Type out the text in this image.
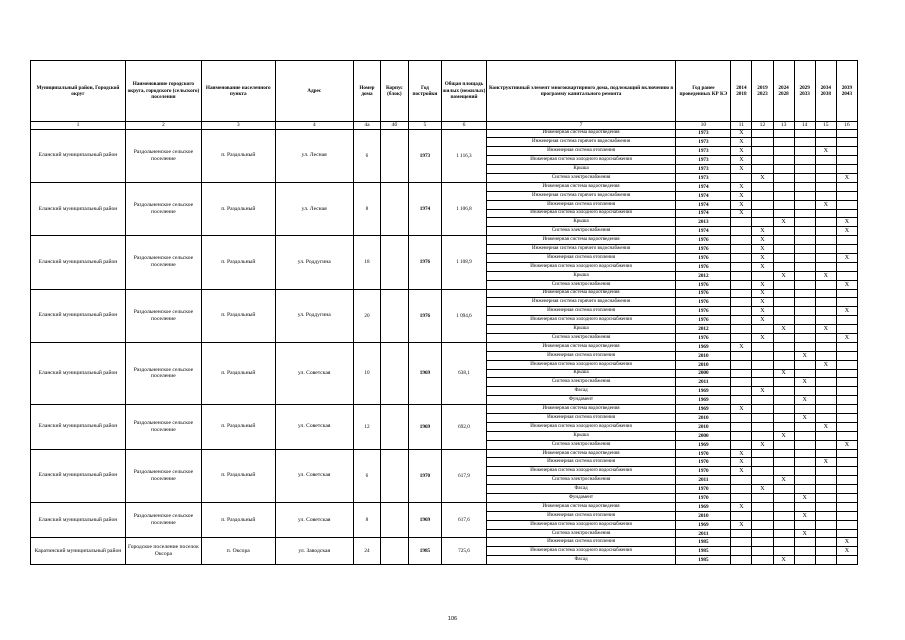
Муниципальный район, Городской округ	Наименование городского округа, городского (сельского) поселения	Наименование населенного пункта	Адрес	Номер дома	Корпус (блок)	Год постройки	Общая площадь жилых (нежилых) помещений	Конструктивный элемент многоквартирного дома, подлежащий включению в программу капитального ремонта	Год ранее проведенных КР КЭ	2014 2018	2019 2023	2024 2028	2029 2033	2034 2038	2039 2043
1	2	3	4	4а	4б	5	6	7	10	11	12	13	14	15	16
Еланский муниципальный район	Раздольненское сельское поселение	п. Раздольный	ул. Лесная	6		1973	1 116,3	Инженерная система водоотведения	1973	X					
								Инженерная система горячего водоснабжения	1973	X					
								Инженерная система отопления	1973	X				X	
								Инженерная система холодного водоснабжения	1973	X					
								Крыша	1973	X					
								Система электроснабжения	1973		X				X
Еланский муниципальный район	Раздольненское сельское поселение	п. Раздольный	ул. Лесная	8		1974	1 106,8	Инженерная система водоотведения	1974	X					
								Инженерная система горячего водоснабжения	1974	X					
								Инженерная система отопления	1974	X				X	
								Инженерная система холодного водоснабжения	1974	X					
								Крыша	2013			X			X
								Система электроснабжения	1974		X				X
Еланский муниципальный район	Раздольненское сельское поселение	п. Раздольный	ул. Роддугина	18		1976	1 108,9	Инженерная система водоотведения	1976		X				
								Инженерная система горячего водоснабжения	1976		X				
								Инженерная система отопления	1976		X				X
								Инженерная система холодного водоснабжения	1976		X				
								Крыша	2012			X		X	
								Система электроснабжения	1976		X				X
Еланский муниципальный район	Раздольненское сельское поселение	п. Раздольный	ул. Роддугина	20		1976	1 094,6	Инженерная система водоотведения	1976		X				
								Инженерная система горячего водоснабжения	1976		X				
								Инженерная система отопления	1976		X				X
								Инженерная система холодного водоснабжения	1976		X				
								Крыша	2012			X		X	
								Система электроснабжения	1976		X				X
Еланский муниципальный район	Раздольненское сельское поселение	п. Раздольный	ул. Советская	10		1969	638,1	Инженерная система водоотведения	1969	X					
								Инженерная система отопления	2010				X		
								Инженерная система холодного водоснабжения	2010					X	
								Крыша	2000			X			
								Система электроснабжения	2011				X		
								Фасад	1969		X				
								Фундамент	1969				X		
Еланский муниципальный район	Раздольненское сельское поселение	п. Раздольный	ул. Советская	12		1969	692,0	Инженерная система водоотведения	1969	X					
								Инженерная система отопления	2010				X		
								Инженерная система холодного водоснабжения	2010					X	
								Крыша	2000			X			
								Система электроснабжения	1969		X				X
Еланский муниципальный район	Раздольненское сельское поселение	п. Раздольный	ул. Советская	6		1970	617,9	Инженерная система водоотведения	1970	X					
								Инженерная система отопления	1970	X				X	
								Инженерная система холодного водоснабжения	1970	X					
								Система электроснабжения	2011			X			
								Фасад	1970		X				
								Фундамент	1970				X		
Еланский муниципальный район	Раздольненское сельское поселение	п. Раздольный	ул. Советская	8		1969	617,6	Инженерная система водоотведения	1969	X					
								Инженерная система отопления	2010				X		
								Инженерная система холодного водоснабжения	1969	X					
								Система электроснабжения	2011				X		
Каратинский муниципальный район	Городское поселение поселок Оксора	п. Оксора	ул. Заводская	24		1985	725,6	Инженерная система отопления	1985						X
								Инженерная система холодного водоснабжения	1985						X
								Фасад	1985			X			
106
